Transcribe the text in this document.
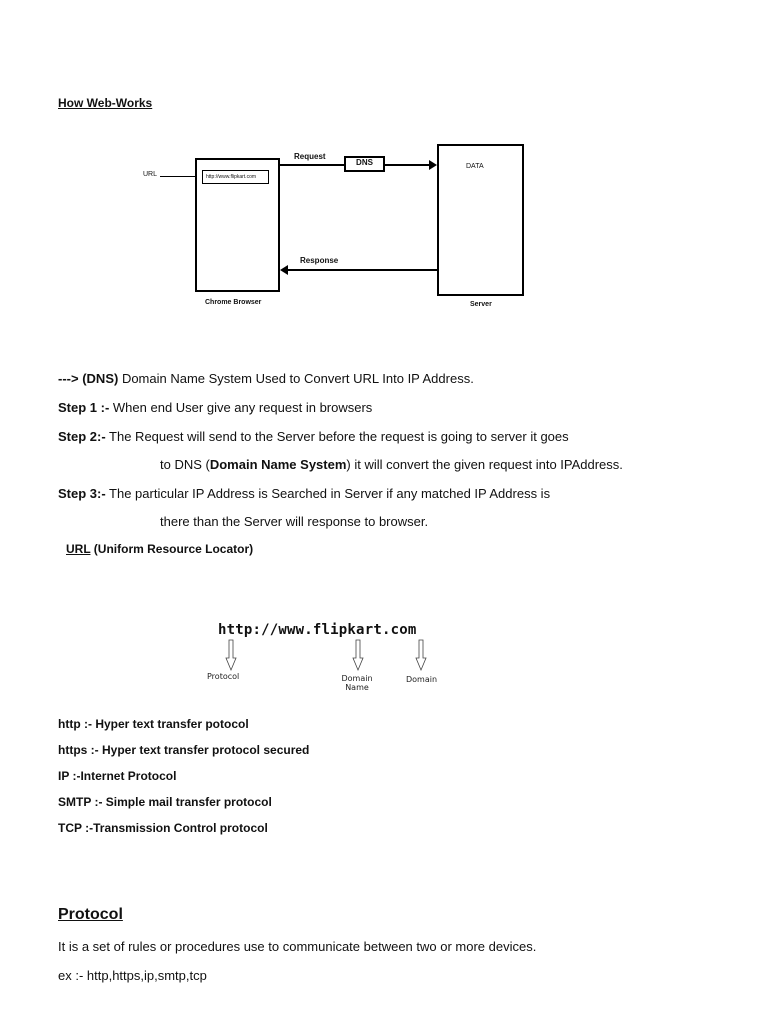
How Web-Works
URL	http://www.flipkart.com
Request
DNS	DATA
Response
Chrome Browser	Server
---> (DNS) Domain Name System Used to Convert URL Into IP Address.
Step 1 :- When end User give any request in browsers
Step 2:- The Request will send to the Server before the request is going to server it goes
to DNS (Domain Name System) it will convert the given request into IPAddress.
Step 3:- The particular IP Address is Searched in Server if any matched IP Address is
there than the Server will response to browser.
URL (Uniform Resource Locator)
http://www.flipkart.com
Protocol	Domain
Name
Domain
http :- Hyper text transfer potocol
https :- Hyper text transfer protocol secured
IP :-Internet Protocol
SMTP :- Simple mail transfer protocol
TCP :-Transmission Control protocol
Protocol
It is a set of rules or procedures use to communicate between two or more devices.
ex :- http,https,ip,smtp,tcp
